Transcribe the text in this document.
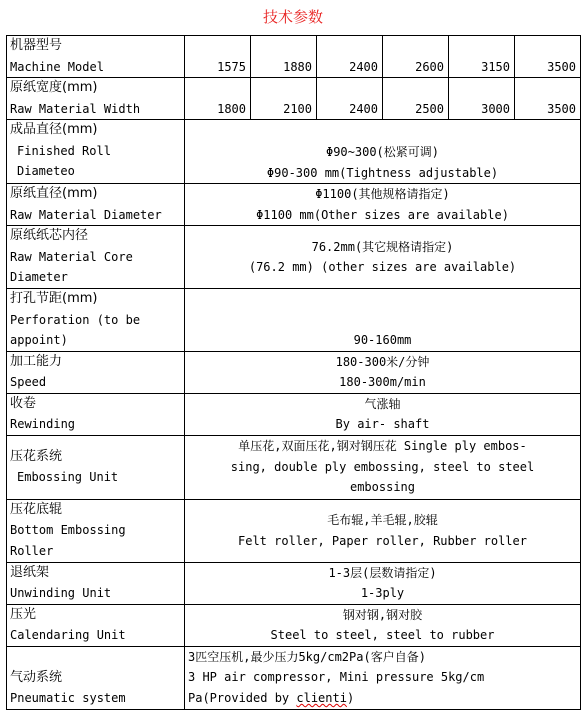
技术参数
机器型号
Machine Model	1575	1880	2400	2600	3150	3500

原纸宽度(mm)
Raw Material Width	1800	2100	2400	2500	3000	3500

成品直径(mm)
Finished Roll
Diameteo	Φ90~300(松紧可调)
Φ90-300 mm(Tightness adjustable)					

原纸直径(mm)
Raw Material Diameter	Φ1100(其他规格请指定)
Φ1100 mm(Other sizes are available)					

原纸纸芯内径
Raw Material Core
Diameter	76.2mm(其它规格请指定)
(76.2 mm) (other sizes are available)					

打孔节距(mm)
Perforation (to be
appoint)	90-160mm					

加工能力
Speed	180-300米/分钟
180-300m/min					

收卷
Rewinding	气涨轴
By air- shaft					

压花系统
Embossing Unit	单压花,双面压花,钢对钢压花 Single ply embos-
sing, double ply embossing, steel to steel
embossing					

压花底辊
Bottom Embossing
Roller	毛布辊,羊毛辊,胶辊
Felt roller, Paper roller, Rubber roller					

退纸架
Unwinding Unit	1-3层(层数请指定)
1-3ply					

压光
Calendaring Unit	钢对钢,钢对胶
Steel to steel, steel to rubber					

气动系统
Pneumatic system	3匹空压机,最少压力5kg/cm2Pa(客户自备)
3 HP air compressor, Mini pressure 5kg/cm
Pa(Provided by clienti)					
